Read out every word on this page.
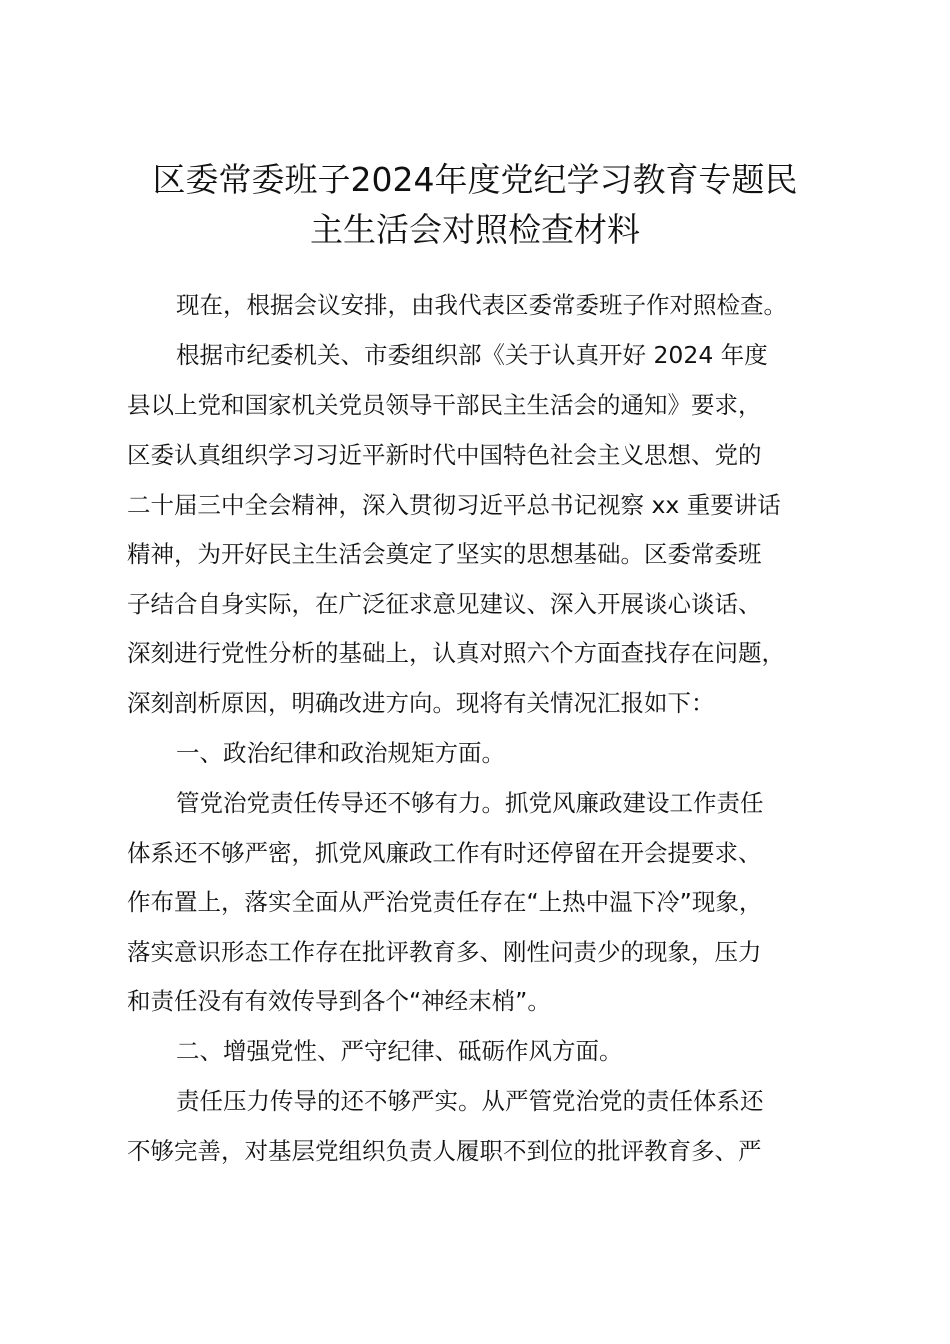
区委常委班子2024年度党纪学习教育专题民
主生活会对照检查材料

现在，根据会议安排，由我代表区委常委班子作对照检查。

根据市纪委机关、市委组织部《关于认真开好 2024 年度

县以上党和国家机关党员领导干部民主生活会的通知》要求，

区委认真组织学习习近平新时代中国特色社会主义思想、党的

二十届三中全会精神，深入贯彻习近平总书记视察 xx 重要讲话

精神，为开好民主生活会奠定了坚实的思想基础。区委常委班

子结合自身实际，在广泛征求意见建议、深入开展谈心谈话、

深刻进行党性分析的基础上，认真对照六个方面查找存在问题，

深刻剖析原因，明确改进方向。现将有关情况汇报如下：

一、政治纪律和政治规矩方面。

管党治党责任传导还不够有力。抓党风廉政建设工作责任

体系还不够严密，抓党风廉政工作有时还停留在开会提要求、

作布置上，落实全面从严治党责任存在“上热中温下冷”现象，

落实意识形态工作存在批评教育多、刚性问责少的现象，压力

和责任没有有效传导到各个“神经末梢”。

二、增强党性、严守纪律、砥砺作风方面。

责任压力传导的还不够严实。从严管党治党的责任体系还

不够完善，对基层党组织负责人履职不到位的批评教育多、严
